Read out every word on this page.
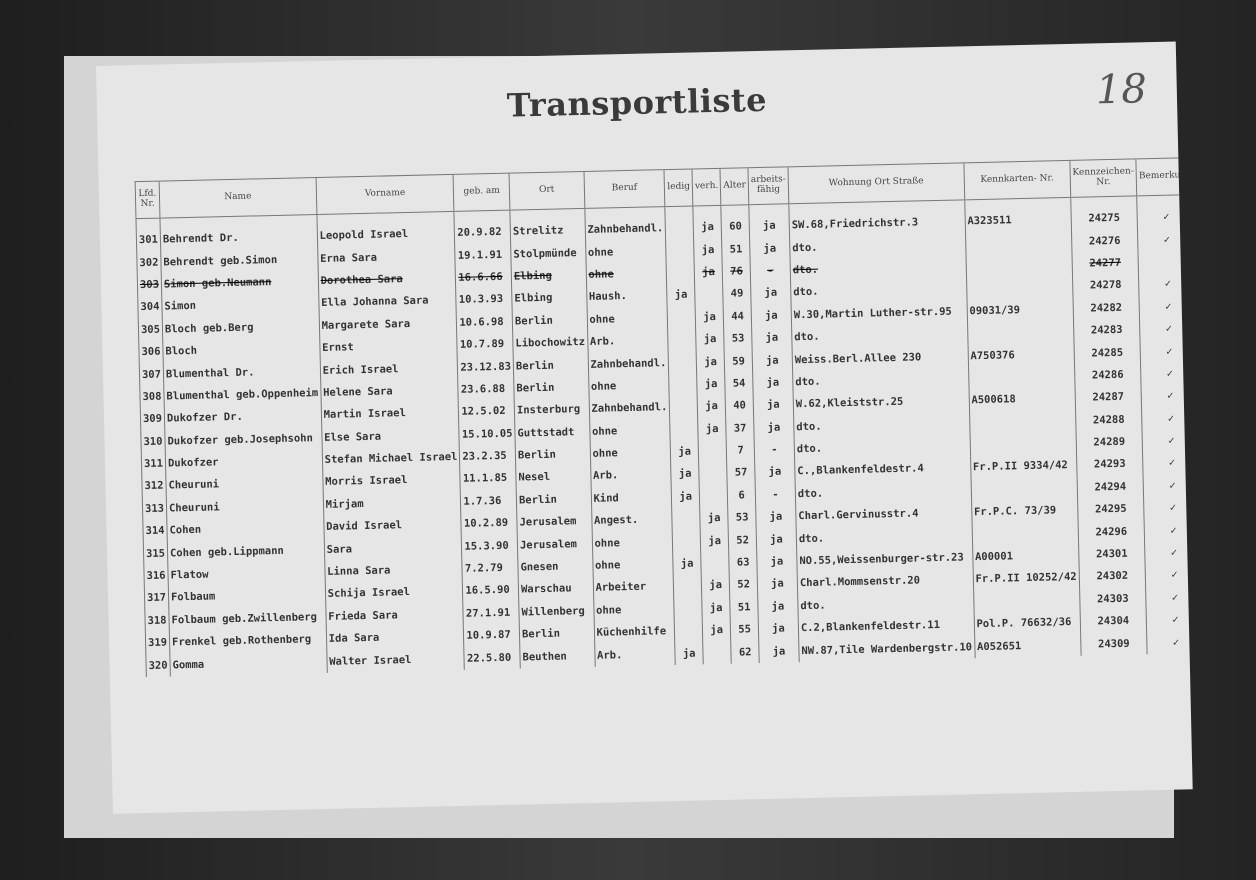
Transportliste	18
Lfd. Nr.	Name	Vorname	geb. am	Ort	Beruf	ledig	verh.	Alter	arbeits- fähig	Wohnung Ort Straße	Kennkarten- Nr.	Kennzeichen- Nr.	Bemerkung
301	Behrendt Dr.	Leopold Israel	20.9.82	Strelitz	Zahnbehandl.		ja	60	ja	SW.68,Friedrichstr.3	A323511	24275	✓
302	Behrendt geb.Simon	Erna Sara	19.1.91	Stolpmünde	ohne		ja	51	ja	dto.		24276	✓
303	Simon geb.Neumann	Dorothea Sara	16.6.66	Elbing	ohne		ja	76	-	dto.		24277	
304	Simon	Ella Johanna Sara	10.3.93	Elbing	Haush.	ja		49	ja	dto.		24278	✓
305	Bloch geb.Berg	Margarete Sara	10.6.98	Berlin	ohne		ja	44	ja	W.30,Martin Luther-str.95	09031/39	24282	✓
306	Bloch	Ernst	10.7.89	Libochowitz	Arb.		ja	53	ja	dto.		24283	✓
307	Blumenthal Dr.	Erich Israel	23.12.83	Berlin	Zahnbehandl.		ja	59	ja	Weiss.Berl.Allee 230	A750376	24285	✓
308	Blumenthal geb.Oppenheim	Helene Sara	23.6.88	Berlin	ohne		ja	54	ja	dto.		24286	✓
309	Dukofzer Dr.	Martin Israel	12.5.02	Insterburg	Zahnbehandl.		ja	40	ja	W.62,Kleiststr.25	A500618	24287	✓
310	Dukofzer geb.Josephsohn	Else Sara	15.10.05	Guttstadt	ohne		ja	37	ja	dto.		24288	✓
311	Dukofzer	Stefan Michael Israel	23.2.35	Berlin	ohne	ja		7	-	dto.		24289	✓
312	Cheuruni	Morris Israel	11.1.85	Nesel	Arb.	ja		57	ja	C.,Blankenfeldestr.4	Fr.P.II 9334/42	24293	✓
313	Cheuruni	Mirjam	1.7.36	Berlin	Kind	ja		6	-	dto.		24294	✓
314	Cohen	David Israel	10.2.89	Jerusalem	Angest.		ja	53	ja	Charl.Gervinusstr.4	Fr.P.C. 73/39	24295	✓
315	Cohen geb.Lippmann	Sara	15.3.90	Jerusalem	ohne		ja	52	ja	dto.		24296	✓
316	Flatow	Linna Sara	7.2.79	Gnesen	ohne	ja		63	ja	NO.55,Weissenburger-str.23	A00001	24301	✓
317	Folbaum	Schija Israel	16.5.90	Warschau	Arbeiter		ja	52	ja	Charl.Mommsenstr.20	Fr.P.II 10252/42	24302	✓
318	Folbaum geb.Zwillenberg	Frieda Sara	27.1.91	Willenberg	ohne		ja	51	ja	dto.		24303	✓
319	Frenkel geb.Rothenberg	Ida Sara	10.9.87	Berlin	Küchenhilfe		ja	55	ja	C.2,Blankenfeldestr.11	Pol.P. 76632/36	24304	✓
320	Gomma	Walter Israel	22.5.80	Beuthen	Arb.	ja		62	ja	NW.87,Tile Wardenbergstr.10	A052651	24309	✓
